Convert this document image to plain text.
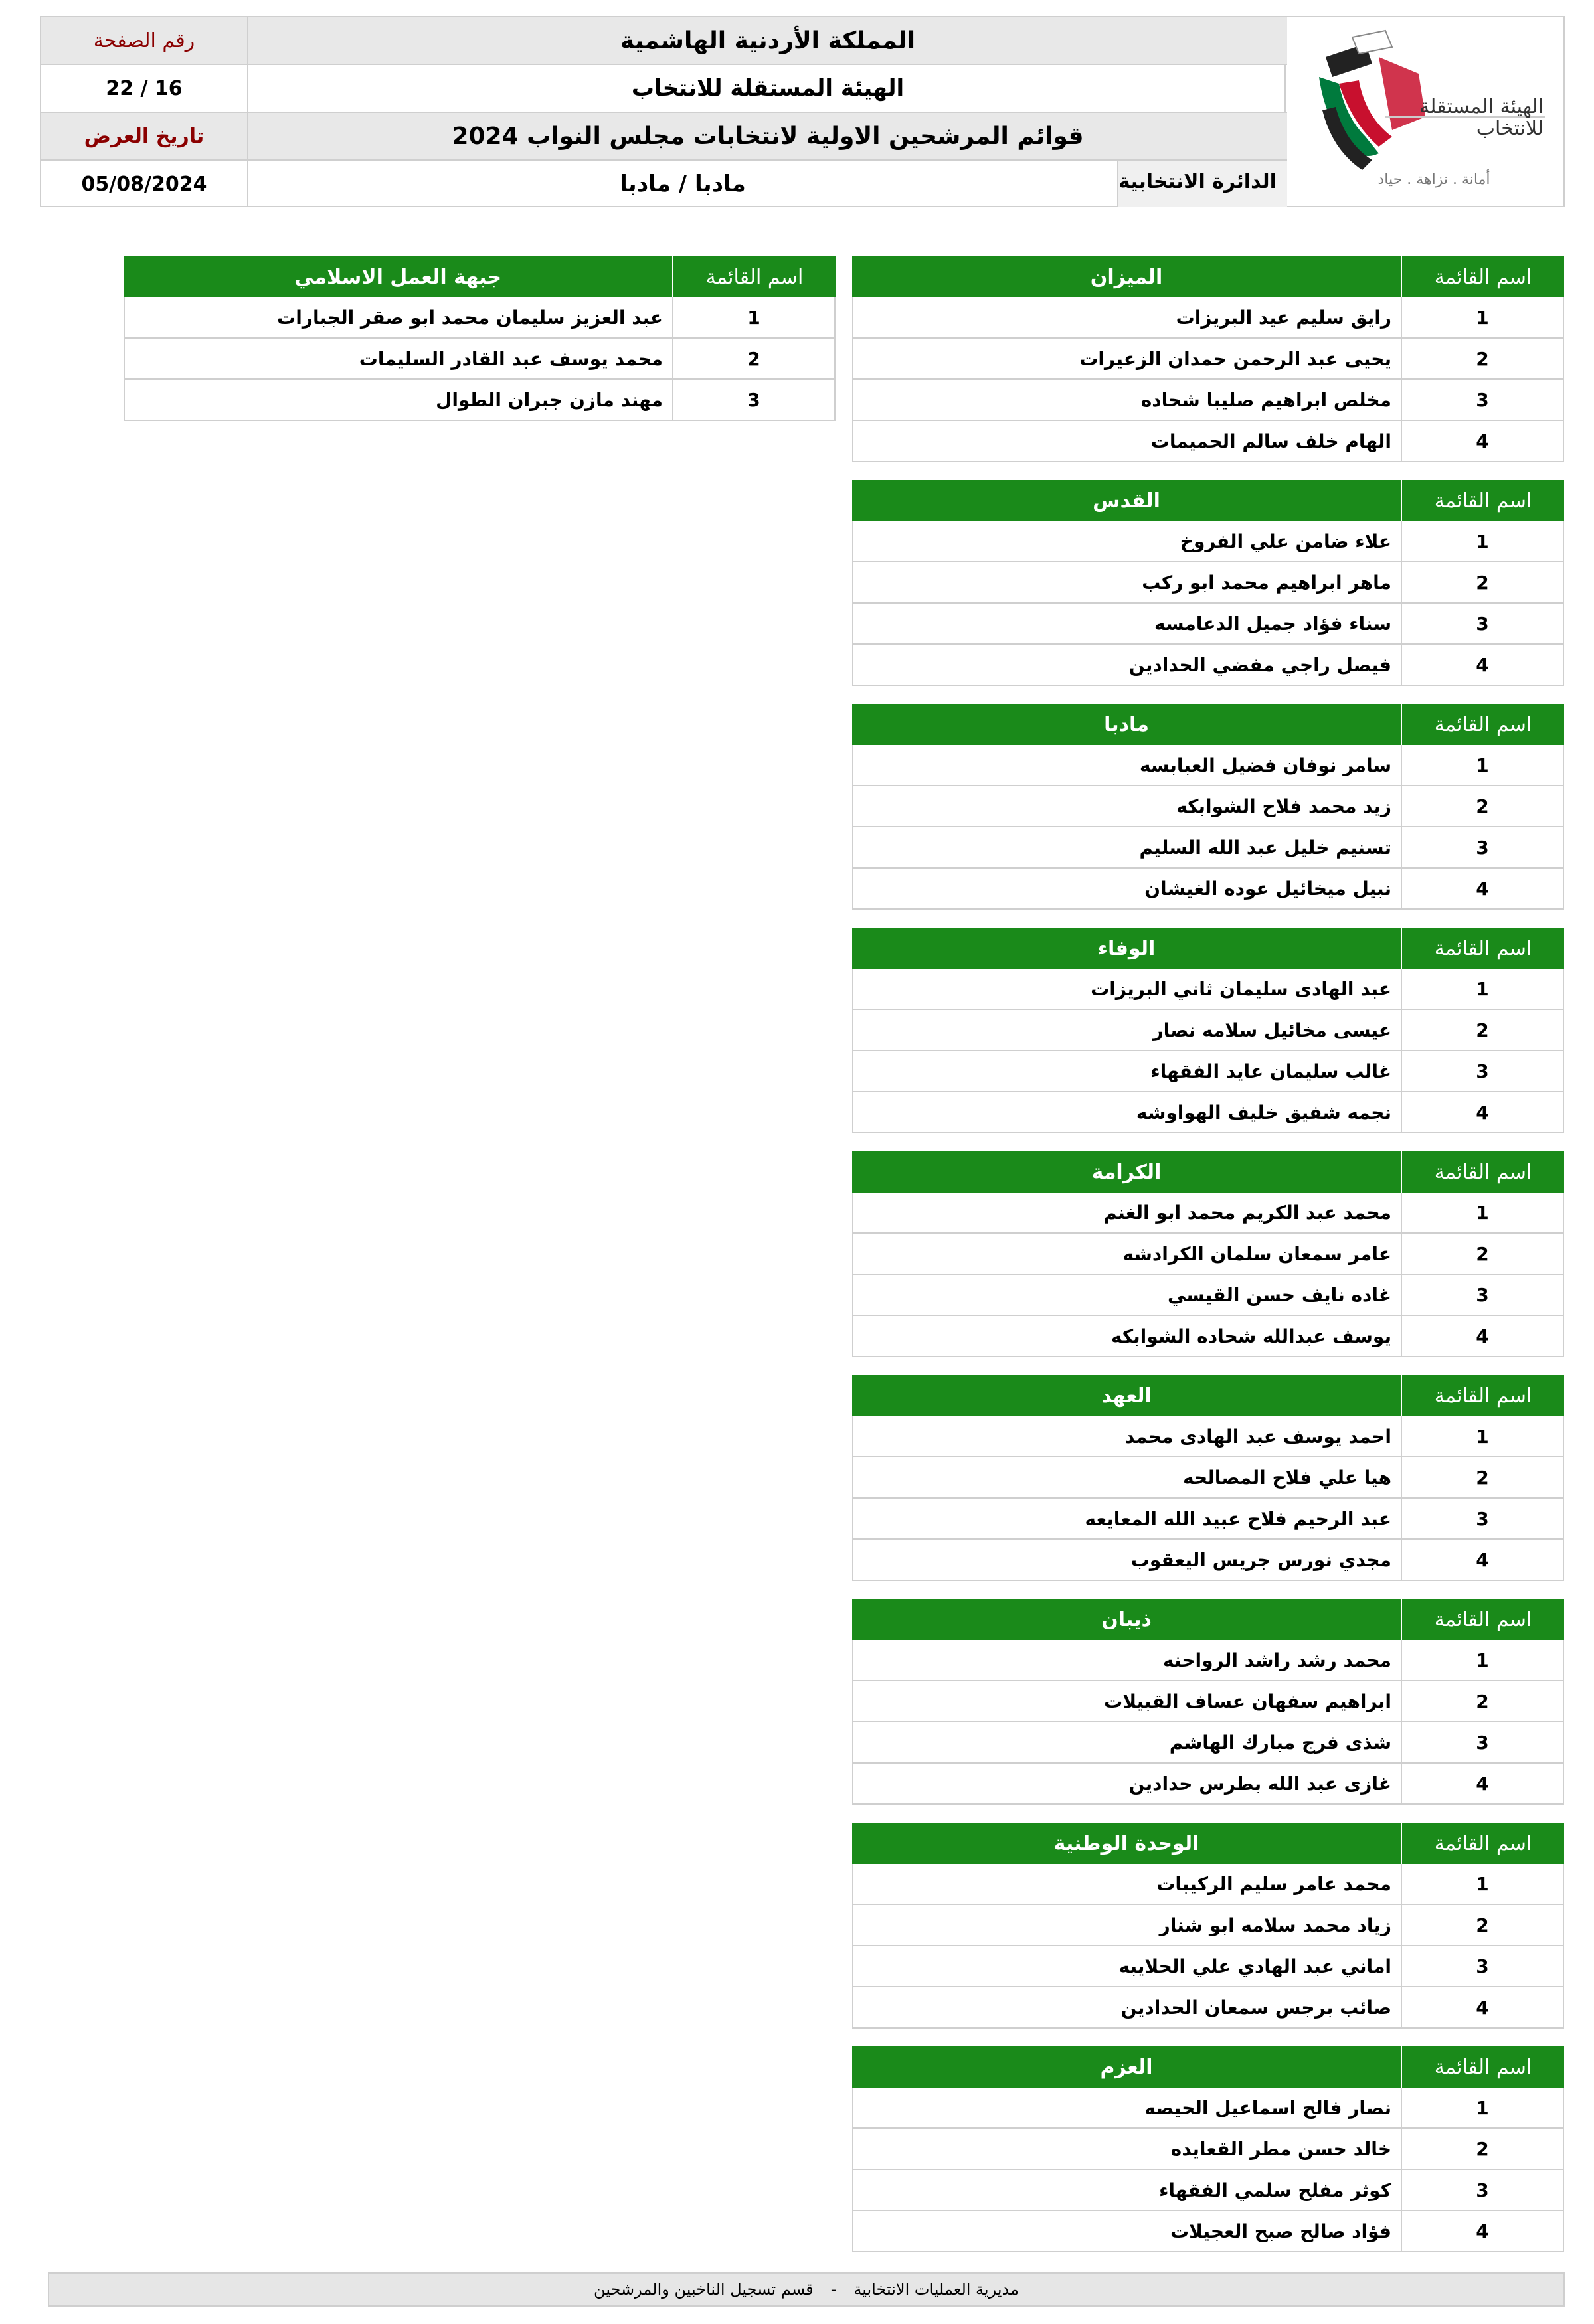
الهيئة المستقلة للانتخاب
أمانة . نزاهة . حياد
المملكة الأردنية الهاشمية
الهيئة المستقلة للانتخاب
قوائم المرشحين الاولية لانتخابات مجلس النواب 2024
مادبا / مادبا	الدائرة الانتخابية
رقم الصفحة
22 / 16
تاريخ العرض
05/08/2024
اسم القائمة
الميزان
1
رايق سليم عيد البريزات
2
يحيى عبد الرحمن حمدان الزعيرات
3
مخلص ابراهيم صليبا شحاده
4
الهام خلف سالم الحميمات
اسم القائمة
القدس
1
علاء ضامن علي الفروخ
2
ماهر ابراهيم محمد ابو ركب
3
سناء فؤاد جميل الدعامسه
4
فيصل راجي مفضي الحدادين
اسم القائمة
مادبا
1
سامر نوفان فضيل العبابسه
2
زيد محمد فلاح الشوابكه
3
تسنيم خليل عبد الله السليم
4
نبيل ميخائيل عوده الغيشان
اسم القائمة
الوفاء
1
عبد الهادى سليمان ثاني البريزات
2
عيسى مخائيل سلامه نصار
3
غالب سليمان عايد الفقهاء
4
نجمه شفيق خليف الهواوشه
اسم القائمة
الكرامة
1
محمد عبد الكريم محمد ابو الغنم
2
عامر سمعان سلمان الكرادشه
3
غاده نايف حسن القيسي
4
يوسف عبدالله شحاده الشوابكه
اسم القائمة
العهد
1
احمد يوسف عبد الهادى محمد
2
هيا علي فلاح المصالحه
3
عبد الرحيم فلاح عبيد الله المعايعه
4
مجدي نورس جريس اليعقوب
اسم القائمة
ذيبان
1
محمد رشد راشد الرواحنه
2
ابراهيم سفهان عساف القبيلات
3
شذى فرج مبارك الهاشم
4
غازى عبد الله بطرس حدادين
اسم القائمة
الوحدة الوطنية
1
محمد عامر سليم الركيبات
2
زياد محمد سلامه ابو شنار
3
اماني عبد الهادي علي الحلايبه
4
صائب برجس سمعان الحدادين
اسم القائمة
العزم
1
نصار فالح اسماعيل الحيصه
2
خالد حسن مطر القعايده
3
كوثر مفلح سلمي الفقهاء
4
فؤاد صالح صبح العجيلات
اسم القائمة
جبهة العمل الاسلامي
1
عبد العزيز سليمان محمد ابو صقر الجبارات
2
محمد يوسف عبد القادر السليمات
3
مهند مازن جبران الطوال
مديرية العمليات الانتخابية
-
قسم تسجيل الناخبين والمرشحين
